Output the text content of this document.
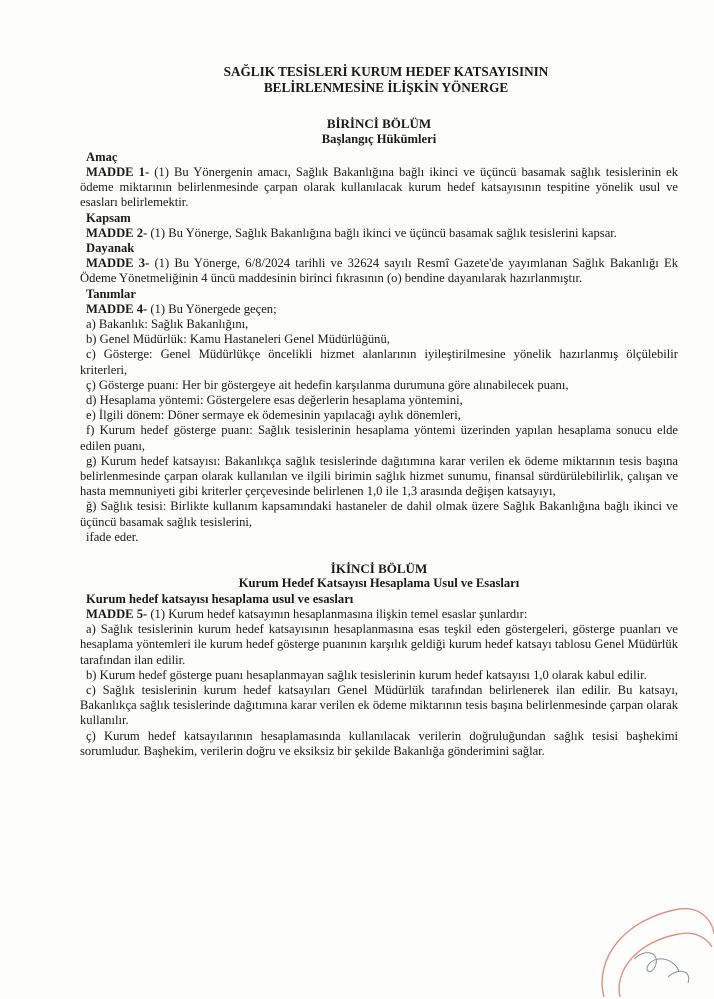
SAĞLIK TESİSLERİ KURUM HEDEF KATSAYISININ
BELİRLENMESİNE İLİŞKİN YÖNERGE
BİRİNCİ BÖLÜM
Başlangıç Hükümleri
Amaç

MADDE 1- (1) Bu Yönergenin amacı, Sağlık Bakanlığına bağlı ikinci ve üçüncü basamak sağlık tesislerinin ek ödeme miktarının belirlenmesinde çarpan olarak kullanılacak kurum hedef katsayısının tespitine yönelik usul ve esasları belirlemektir.

Kapsam

MADDE 2- (1) Bu Yönerge, Sağlık Bakanlığına bağlı ikinci ve üçüncü basamak sağlık tesislerini kapsar.

Dayanak

MADDE 3- (1) Bu Yönerge, 6/8/2024 tarihli ve 32624 sayılı Resmî Gazete'de yayımlanan Sağlık Bakanlığı Ek Ödeme Yönetmeliğinin 4 üncü maddesinin birinci fıkrasının (o) bendine dayanılarak hazırlanmıştır.

Tanımlar

MADDE 4- (1) Bu Yönergede geçen;

a) Bakanlık: Sağlık Bakanlığını,

b) Genel Müdürlük: Kamu Hastaneleri Genel Müdürlüğünü,

c) Gösterge: Genel Müdürlükçe öncelikli hizmet alanlarının iyileştirilmesine yönelik hazırlanmış ölçülebilir kriterleri,

ç) Gösterge puanı: Her bir göstergeye ait hedefin karşılanma durumuna göre alınabilecek puanı,

d) Hesaplama yöntemi: Göstergelere esas değerlerin hesaplama yöntemini,

e) İlgili dönem: Döner sermaye ek ödemesinin yapılacağı aylık dönemleri,

f) Kurum hedef gösterge puanı: Sağlık tesislerinin hesaplama yöntemi üzerinden yapılan hesaplama sonucu elde edilen puanı,

g) Kurum hedef katsayısı: Bakanlıkça sağlık tesislerinde dağıtımına karar verilen ek ödeme miktarının tesis başına belirlenmesinde çarpan olarak kullanılan ve ilgili birimin sağlık hizmet sunumu, finansal sürdürülebilirlik, çalışan ve hasta memnuniyeti gibi kriterler çerçevesinde belirlenen 1,0 ile 1,3 arasında değişen katsayıyı,

ğ) Sağlık tesisi: Birlikte kullanım kapsamındaki hastaneler de dahil olmak üzere Sağlık Bakanlığına bağlı ikinci ve üçüncü basamak sağlık tesislerini,

ifade eder.

İKİNCİ BÖLÜM
Kurum Hedef Katsayısı Hesaplama Usul ve Esasları
Kurum hedef katsayısı hesaplama usul ve esasları

MADDE 5- (1) Kurum hedef katsayının hesaplanmasına ilişkin temel esaslar şunlardır:

a) Sağlık tesislerinin kurum hedef katsayısının hesaplanmasına esas teşkil eden göstergeleri, gösterge puanları ve hesaplama yöntemleri ile kurum hedef gösterge puanının karşılık geldiği kurum hedef katsayı tablosu Genel Müdürlük tarafından ilan edilir.

b) Kurum hedef gösterge puanı hesaplanmayan sağlık tesislerinin kurum hedef katsayısı 1,0 olarak kabul edilir.

c) Sağlık tesislerinin kurum hedef katsayıları Genel Müdürlük tarafından belirlenerek ilan edilir. Bu katsayı, Bakanlıkça sağlık tesislerinde dağıtımına karar verilen ek ödeme miktarının tesis başına belirlenmesinde çarpan olarak kullanılır.

ç) Kurum hedef katsayılarının hesaplamasında kullanılacak verilerin doğruluğundan sağlık tesisi başhekimi sorumludur. Başhekim, verilerin doğru ve eksiksiz bir şekilde Bakanlığa gönderimini sağlar.
